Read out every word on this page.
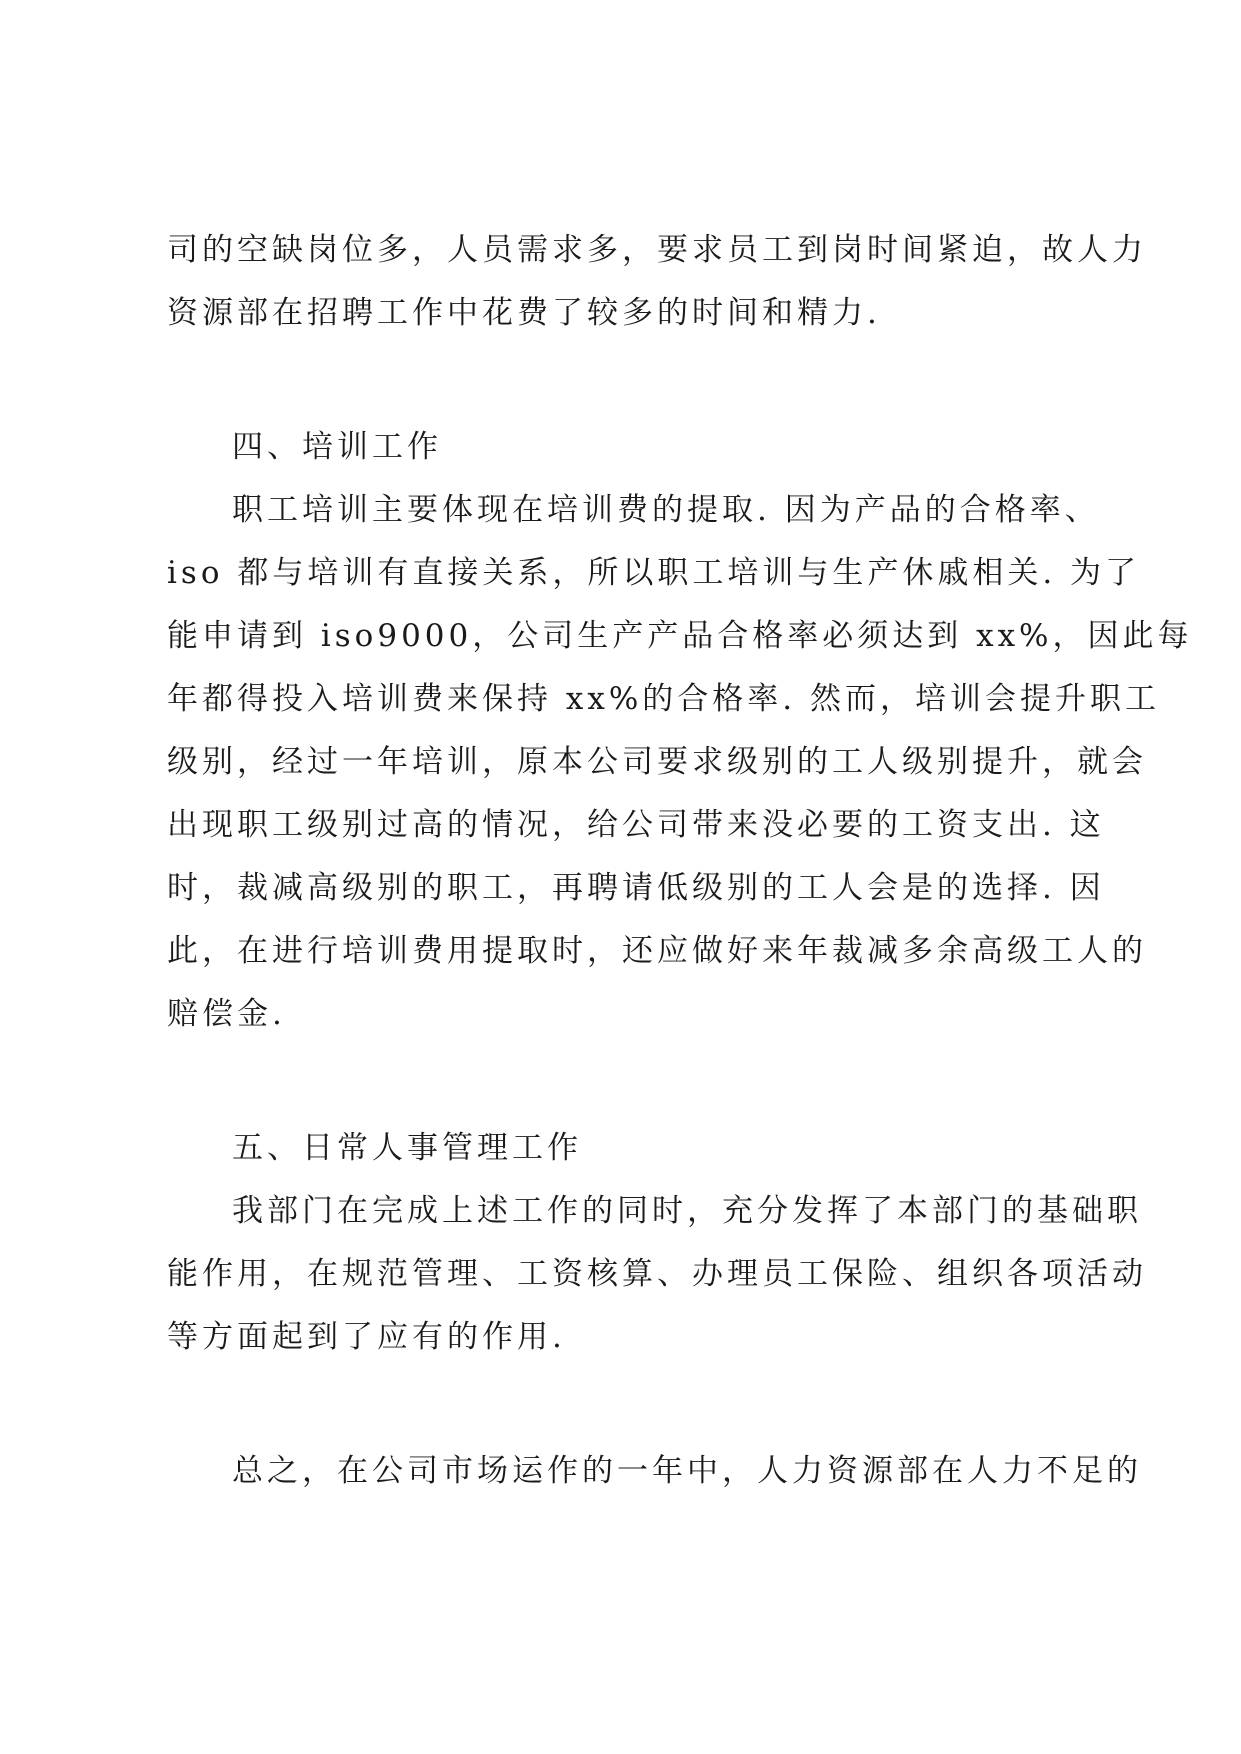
司的空缺岗位多，人员需求多，要求员工到岗时间紧迫，故人力
资源部在招聘工作中花费了较多的时间和精力.
四、培训工作
职工培训主要体现在培训费的提取. 因为产品的合格率、
iso 都与培训有直接关系，所以职工培训与生产休戚相关. 为了
能申请到 iso9000，公司生产产品合格率必须达到 xx%，因此每
年都得投入培训费来保持 xx%的合格率. 然而，培训会提升职工
级别，经过一年培训，原本公司要求级别的工人级别提升，就会
出现职工级别过高的情况，给公司带来没必要的工资支出. 这
时，裁减高级别的职工，再聘请低级别的工人会是的选择. 因
此，在进行培训费用提取时，还应做好来年裁减多余高级工人的
赔偿金.
五、日常人事管理工作
我部门在完成上述工作的同时，充分发挥了本部门的基础职
能作用，在规范管理、工资核算、办理员工保险、组织各项活动
等方面起到了应有的作用.
总之，在公司市场运作的一年中，人力资源部在人力不足的
